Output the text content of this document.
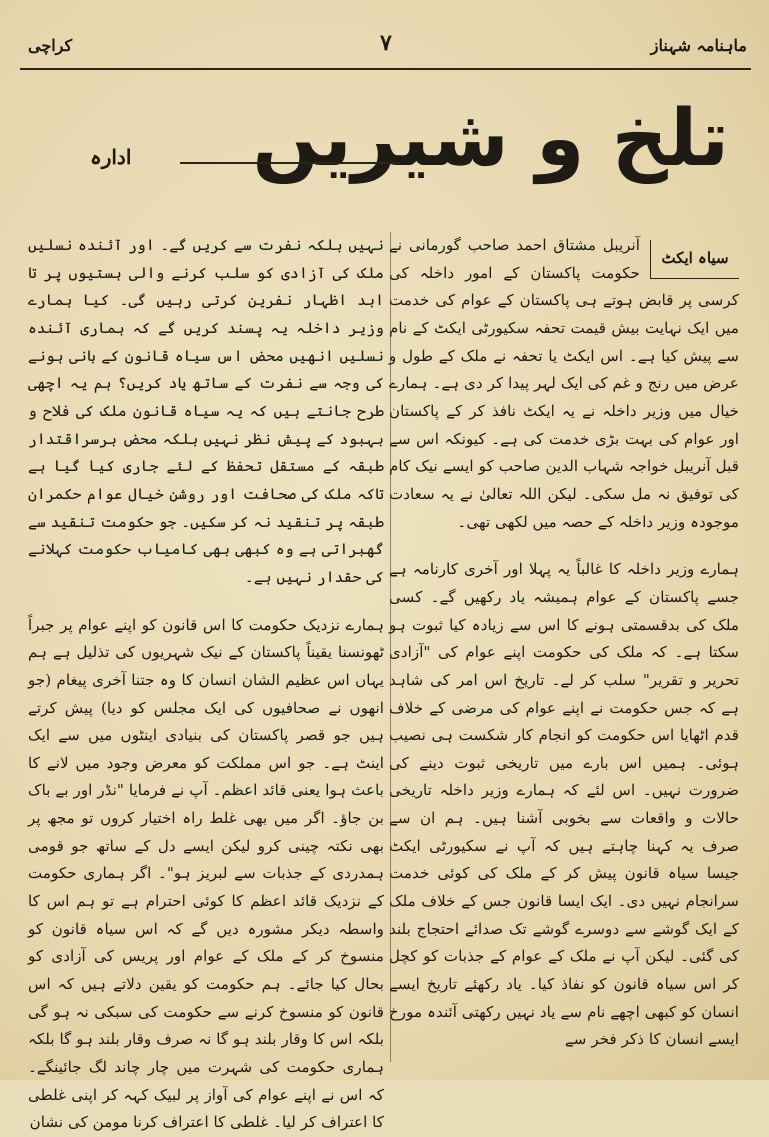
ماہنامہ شہناز
۷
کراچی
تلخ و شیریں
ادارہ
سیاہ ایکٹ

آنریبل مشتاق احمد صاحب گورمانی نے حکومت پاکستان کے امور داخلہ کی کرسی پر قابض ہوتے ہی پاکستان کے عوام کی خدمت میں ایک نہایت بیش قیمت تحفہ سکیورٹی ایکٹ کے نام سے پیش کیا ہے۔ اس ایکٹ یا تحفہ نے ملک کے طول و عرض میں رنج و غم کی ایک لہر پیدا کر دی ہے۔ ہمارے خیال میں وزیر داخلہ نے یہ ایکٹ نافذ کر کے پاکستان اور عوام کی بہت بڑی خدمت کی ہے۔ کیونکہ اس سے قبل آنریبل خواجہ شہاب الدین صاحب کو ایسے نیک کام کی توفیق نہ مل سکی۔ لیکن اللہ تعالیٰ نے یہ سعادت موجودہ وزیر داخلہ کے حصہ میں لکھی تھی۔

ہمارے وزیر داخلہ کا غالباً یہ پہلا اور آخری کارنامہ ہے جسے پاکستان کے عوام ہمیشہ یاد رکھیں گے۔ کسی ملک کی بدقسمتی ہونے کا اس سے زیادہ کیا ثبوت ہو سکتا ہے۔ کہ ملک کی حکومت اپنے عوام کی "آزادی تحریر و تقریر" سلب کر لے۔ تاریخ اس امر کی شاہد ہے کہ جس حکومت نے اپنے عوام کی مرضی کے خلاف قدم اٹھایا اس حکومت کو انجام کار شکست ہی نصیب ہوئی۔ ہمیں اس بارے میں تاریخی ثبوت دینے کی ضرورت نہیں۔ اس لئے کہ ہمارے وزیر داخلہ تاریخی حالات و واقعات سے بخوبی آشنا ہیں۔ ہم ان سے صرف یہ کہنا چاہتے ہیں کہ آپ نے سکیورٹی ایکٹ جیسا سیاہ قانون پیش کر کے ملک کی کوئی خدمت سرانجام نہیں دی۔ ایک ایسا قانون جس کے خلاف ملک کے ایک گوشے سے دوسرے گوشے تک صدائے احتجاج بلند کی گئی۔ لیکن آپ نے ملک کے عوام کے جذبات کو کچل کر اس سیاہ قانون کو نفاذ کیا۔ یاد رکھئے تاریخ ایسے انسان کو کبھی اچھے نام سے یاد نہیں رکھتی آئندہ مورخ ایسے انسان کا ذکر فخر سے

نہیں بلکہ نفرت سے کریں گے۔ اور آئندہ نسلیں ملک کی آزادی کو سلب کرنے والی ہستیوں پر تا ابد اظہار نفرین کرتی رہیں گی۔ کیا ہمارے وزیر داخلہ یہ پسند کریں گے کہ ہماری آئندہ نسلیں انھیں محض اس سیاہ قانون کے بانی ہونے کی وجہ سے نفرت کے ساتھ یاد کریں؟ ہم یہ اچھی طرح جانتے ہیں کہ یہ سیاہ قانون ملک کی فلاح و بہبود کے پیش نظر نہیں بلکہ محض برسراقتدار طبقہ کے مستقل تحفظ کے لئے جاری کیا گیا ہے تاکہ ملک کی صحافت اور روشن خیال عوام حکمران طبقہ پر تنقید نہ کر سکیں۔ جو حکومت تنقید سے گھبراتی ہے وہ کبھی بھی کامیاب حکومت کہلانے کی حقدار نہیں ہے۔

ہمارے نزدیک حکومت کا اس قانون کو اپنے عوام پر جبراً ٹھونسنا یقیناً پاکستان کے نیک شہریوں کی تذلیل ہے ہم یہاں اس عظیم الشان انسان کا وہ جتنا آخری پیغام (جو انھوں نے صحافیوں کی ایک مجلس کو دیا) پیش کرتے ہیں جو قصر پاکستان کی بنیادی اینٹوں میں سے ایک اینٹ ہے۔ جو اس مملکت کو معرض وجود میں لانے کا باعث ہوا یعنی قائد اعظم۔ آپ نے فرمایا "نڈر اور بے باک بن جاؤ۔ اگر میں بھی غلط راہ اختیار کروں تو مجھ پر بھی نکتہ چینی کرو لیکن ایسے دل کے ساتھ جو قومی ہمدردی کے جذبات سے لبریز ہو"۔ اگر ہماری حکومت کے نزدیک قائد اعظم کا کوئی احترام ہے تو ہم اس کا واسطہ دیکر مشورہ دیں گے کہ اس سیاہ قانون کو منسوخ کر کے ملک کے عوام اور پریس کی آزادی کو بحال کیا جائے۔ ہم حکومت کو یقین دلاتے ہیں کہ اس قانون کو منسوخ کرنے سے حکومت کی سبکی نہ ہو گی بلکہ اس کا وقار بلند ہو گا نہ صرف وقار بلند ہو گا بلکہ ہماری حکومت کی شہرت میں چار چاند لگ جائینگے۔ کہ اس نے اپنے عوام کی آواز پر لبیک کہہ کر اپنی غلطی کا اعتراف کر لیا۔ غلطی کا اعتراف کرنا مومن کی نشان
